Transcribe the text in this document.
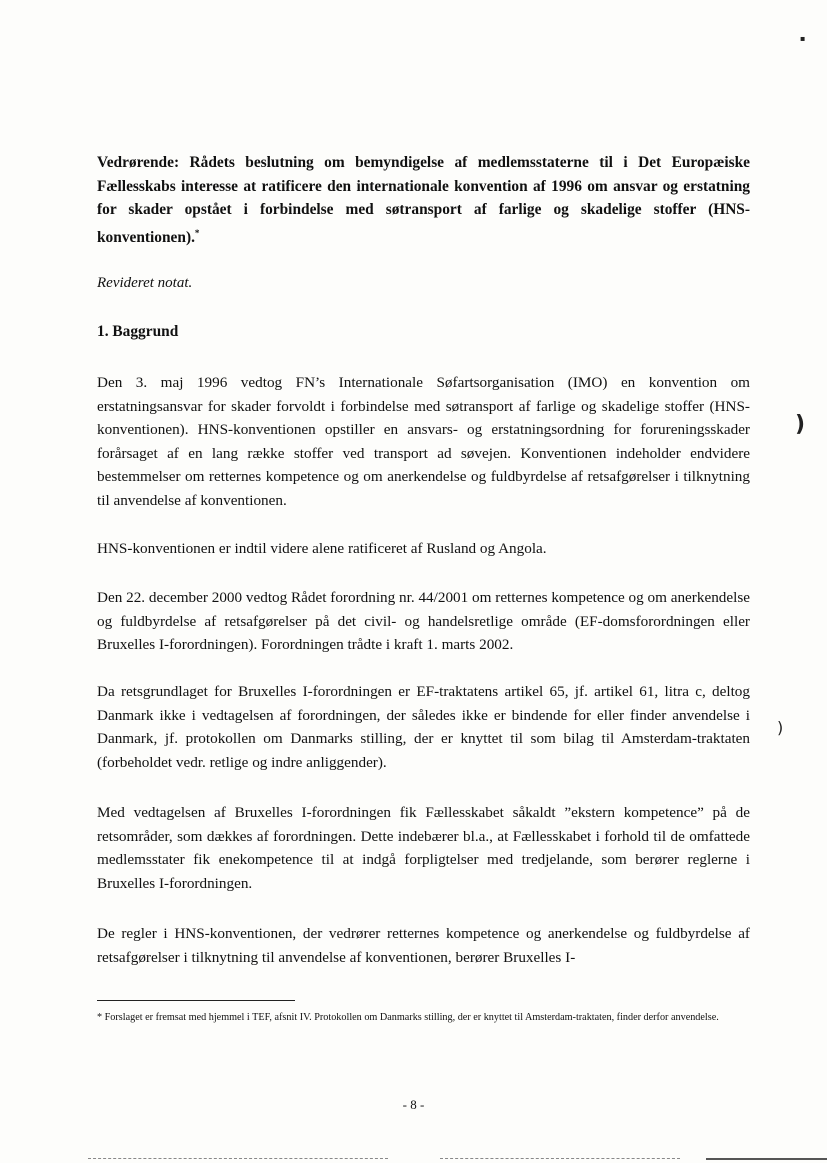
Vedrørende: Rådets beslutning om bemyndigelse af medlemsstaterne til i Det Europæiske Fællesskabs interesse at ratificere den internationale konvention af 1996 om ansvar og erstatning for skader opstået i forbindelse med søtransport af farlige og skadelige stoffer (HNS-konventionen).*
Revideret notat.
1. Baggrund

Den 3. maj 1996 vedtog FN’s Internationale Søfartsorganisation (IMO) en konvention om erstatningsansvar for skader forvoldt i forbindelse med søtransport af farlige og skadelige stoffer (HNS-konventionen). HNS-konventionen opstiller en ansvars- og erstatningsordning for forureningsskader forårsaget af en lang række stoffer ved transport ad søvejen. Konventionen indeholder endvidere bestemmelser om retternes kompetence og om anerkendelse og fuldbyrdelse af retsafgørelser i tilknytning til anvendelse af konventionen.

HNS-konventionen er indtil videre alene ratificeret af Rusland og Angola.

Den 22. december 2000 vedtog Rådet forordning nr. 44/2001 om retternes kompetence og om anerkendelse og fuldbyrdelse af retsafgørelser på det civil- og handelsretlige område (EF-domsforordningen eller Bruxelles I-forordningen). Forordningen trådte i kraft 1. marts 2002.

Da retsgrundlaget for Bruxelles I-forordningen er EF-traktatens artikel 65, jf. artikel 61, litra c, deltog Danmark ikke i vedtagelsen af forordningen, der således ikke er bindende for eller finder anvendelse i Danmark, jf. protokollen om Danmarks stilling, der er knyttet til som bilag til Amsterdam-traktaten (forbeholdet vedr. retlige og indre anliggender).

Med vedtagelsen af Bruxelles I-forordningen fik Fællesskabet såkaldt ”ekstern kompetence” på de retsområder, som dækkes af forordningen. Dette indebærer bl.a., at Fællesskabet i forhold til de omfattede medlemsstater fik enekompetence til at indgå forpligtelser med tredjelande, som berører reglerne i Bruxelles I-forordningen.

De regler i HNS-konventionen, der vedrører retternes kompetence og anerkendelse og fuldbyrdelse af retsafgørelser i tilknytning til anvendelse af konventionen, berører Bruxelles I-

* Forslaget er fremsat med hjemmel i TEF, afsnit IV. Protokollen om Danmarks stilling, der er knyttet til Amsterdam-traktaten, finder derfor anvendelse.
- 8 -
▪
)
)
